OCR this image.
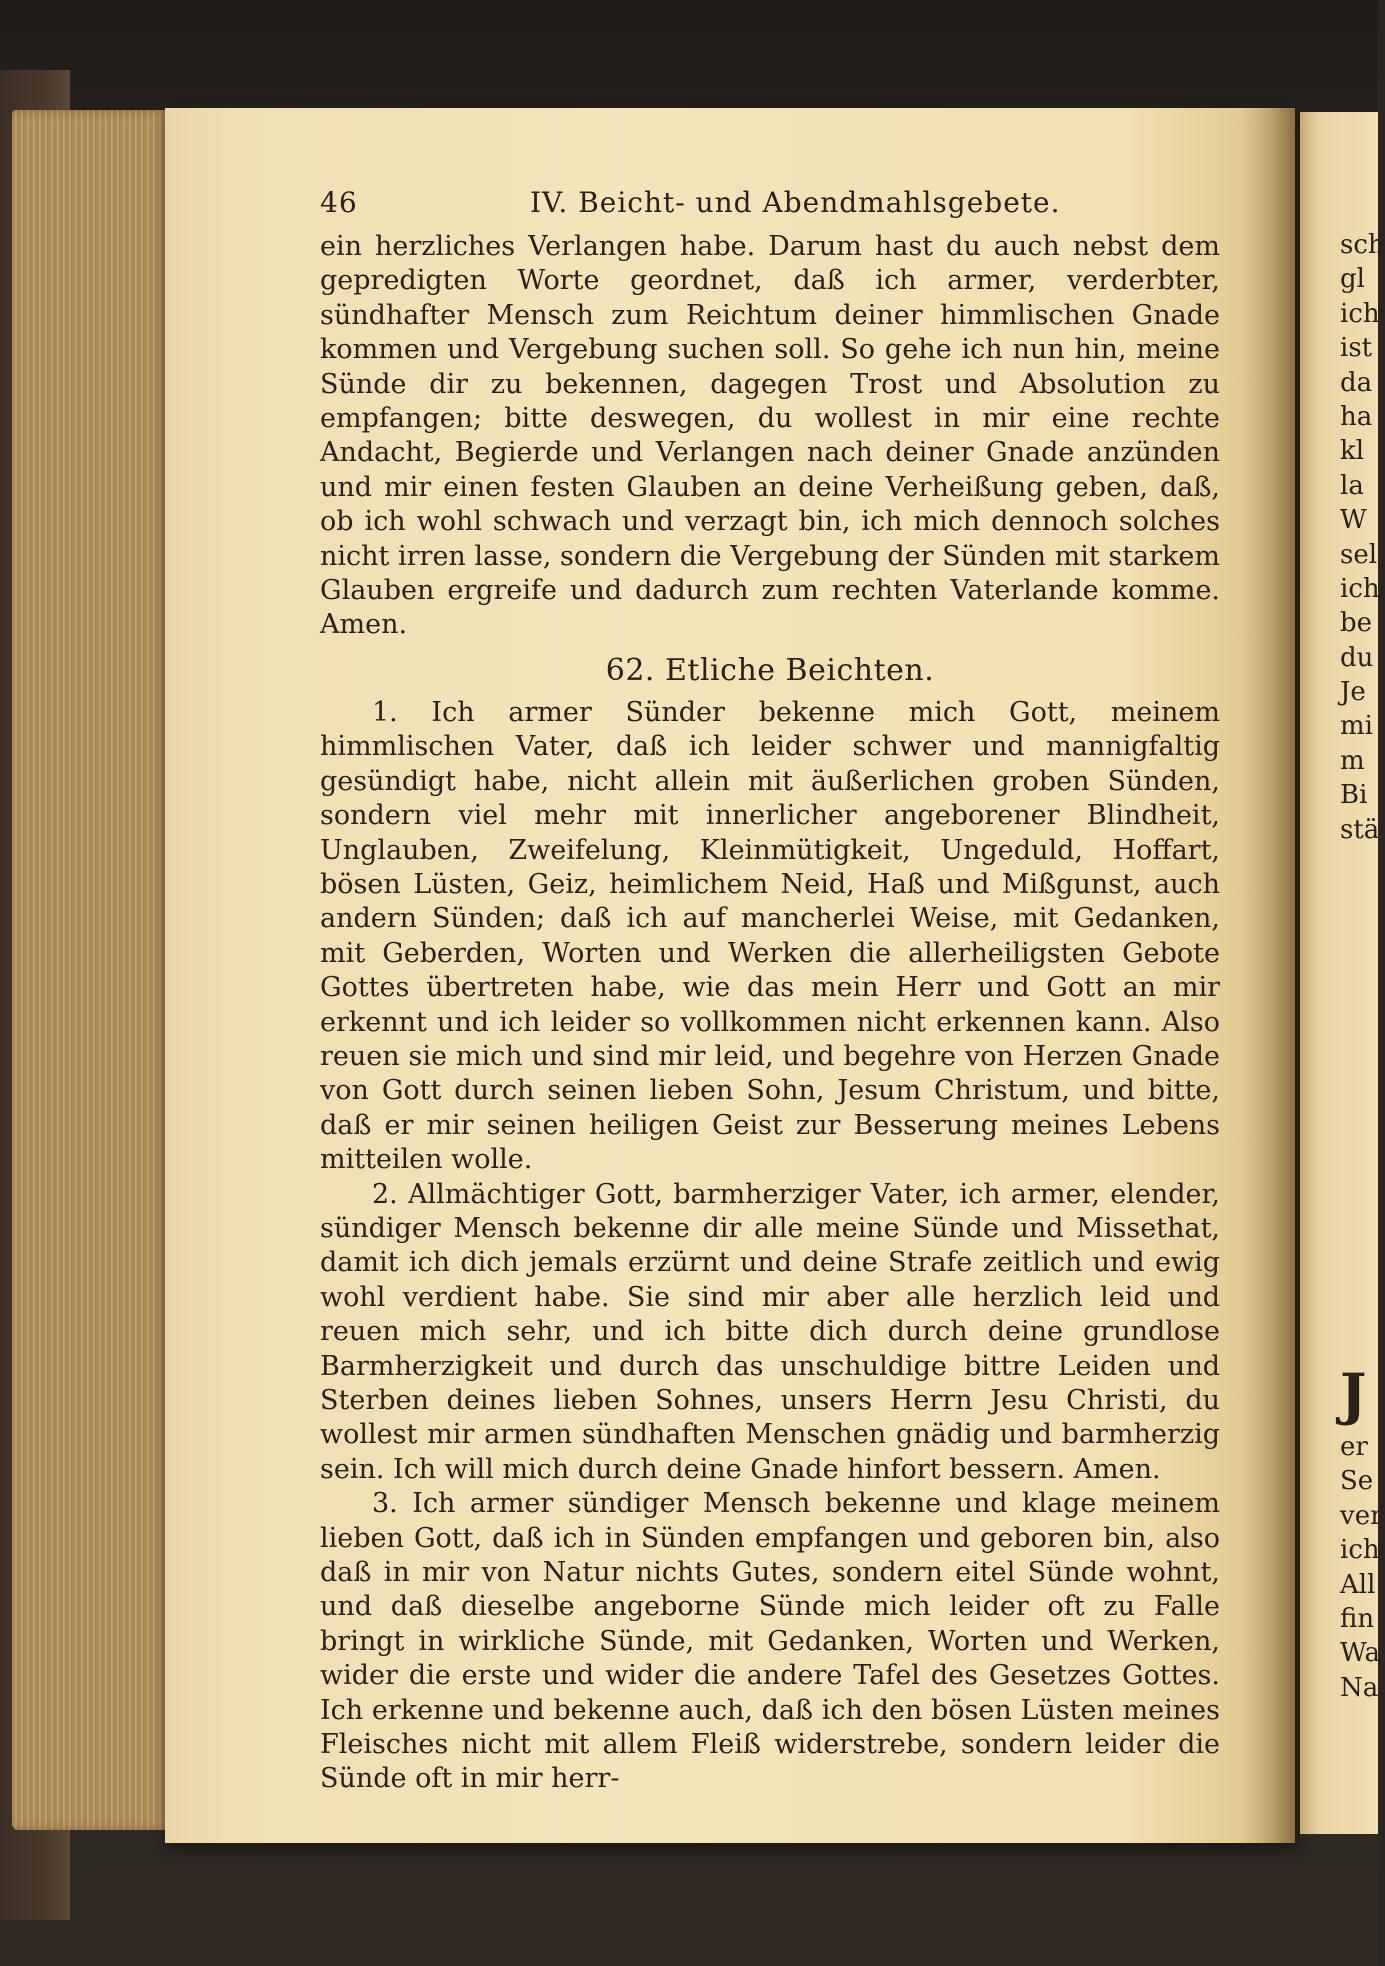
46	IV. Beicht- und Abendmahlsgebete.

ein herzliches Verlangen habe. Darum hast du auch nebst dem gepredigten Worte geordnet, daß ich armer, verderbter, sündhafter Mensch zum Reichtum deiner himmlischen Gnade kommen und Vergebung suchen soll. So gehe ich nun hin, meine Sünde dir zu bekennen, dagegen Trost und Absolution zu empfangen; bitte deswegen, du wollest in mir eine rechte Andacht, Begierde und Verlangen nach deiner Gnade anzünden und mir einen festen Glauben an deine Verheißung geben, daß, ob ich wohl schwach und verzagt bin, ich mich dennoch solches nicht irren lasse, sondern die Vergebung der Sünden mit starkem Glauben ergreife und dadurch zum rechten Vaterlande komme. Amen.

62. Etliche Beichten.

1. Ich armer Sünder bekenne mich Gott, meinem himmlischen Vater, daß ich leider schwer und mannigfaltig gesündigt habe, nicht allein mit äußerlichen groben Sünden, sondern viel mehr mit innerlicher angeborener Blindheit, Unglauben, Zweifelung, Kleinmütigkeit, Ungeduld, Hoffart, bösen Lüsten, Geiz, heimlichem Neid, Haß und Mißgunst, auch andern Sünden; daß ich auf mancherlei Weise, mit Gedanken, mit Geberden, Worten und Werken die allerheiligsten Gebote Gottes übertreten habe, wie das mein Herr und Gott an mir erkennt und ich leider so vollkommen nicht erkennen kann. Also reuen sie mich und sind mir leid, und begehre von Herzen Gnade von Gott durch seinen lieben Sohn, Jesum Christum, und bitte, daß er mir seinen heiligen Geist zur Besserung meines Lebens mitteilen wolle.

2. Allmächtiger Gott, barmherziger Vater, ich armer, elender, sündiger Mensch bekenne dir alle meine Sünde und Missethat, damit ich dich jemals erzürnt und deine Strafe zeitlich und ewig wohl verdient habe. Sie sind mir aber alle herzlich leid und reuen mich sehr, und ich bitte dich durch deine grundlose Barmherzigkeit und durch das unschuldige bittre Leiden und Sterben deines lieben Sohnes, unsers Herrn Jesu Christi, du wollest mir armen sündhaften Menschen gnädig und barmherzig sein. Ich will mich durch deine Gnade hinfort bessern. Amen.

3. Ich armer sündiger Mensch bekenne und klage meinem lieben Gott, daß ich in Sünden empfangen und geboren bin, also daß in mir von Natur nichts Gutes, sondern eitel Sünde wohnt, und daß dieselbe angeborne Sünde mich leider oft zu Falle bringt in wirkliche Sünde, mit Gedanken, Worten und Werken, wider die erste und wider die andere Tafel des Gesetzes Gottes. Ich erkenne und bekenne auch, daß ich den bösen Lüsten meines Fleisches nicht mit allem Fleiß widerstrebe, sondern leider die Sünde oft in mir herr-

sch
gl
ich
ist
da
ha
kl
la
W
sel
ich
be
du
Je
mi
m
Bi
stä
J
er
Se
ver
ich
All
fin
Wa
Na
